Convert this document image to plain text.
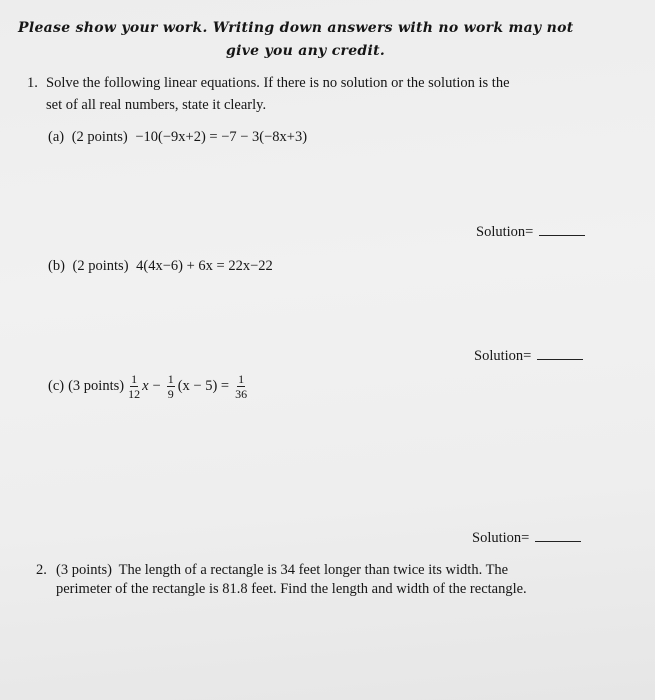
Please show your work. Writing down answers with no work may not
give you any credit.
1. Solve the following linear equations. If there is no solution or the solution is the
set of all real numbers, state it clearly.
(a) (2 points) −10(−9x+2) = −7 − 3(−8x+3)
Solution=
(b) (2 points) 4(4x−6) + 6x = 22x−22
Solution=
(c) (3 points) $\frac{1}{12}$ $x - \frac{1}{9} (x - 5) = \frac{1}{36}$
Solution=
2. (3 points) The length of a rectangle is 34 feet longer than twice its width. The
perimeter of the rectangle is 81.8 feet. Find the length and width of the rectangle.
